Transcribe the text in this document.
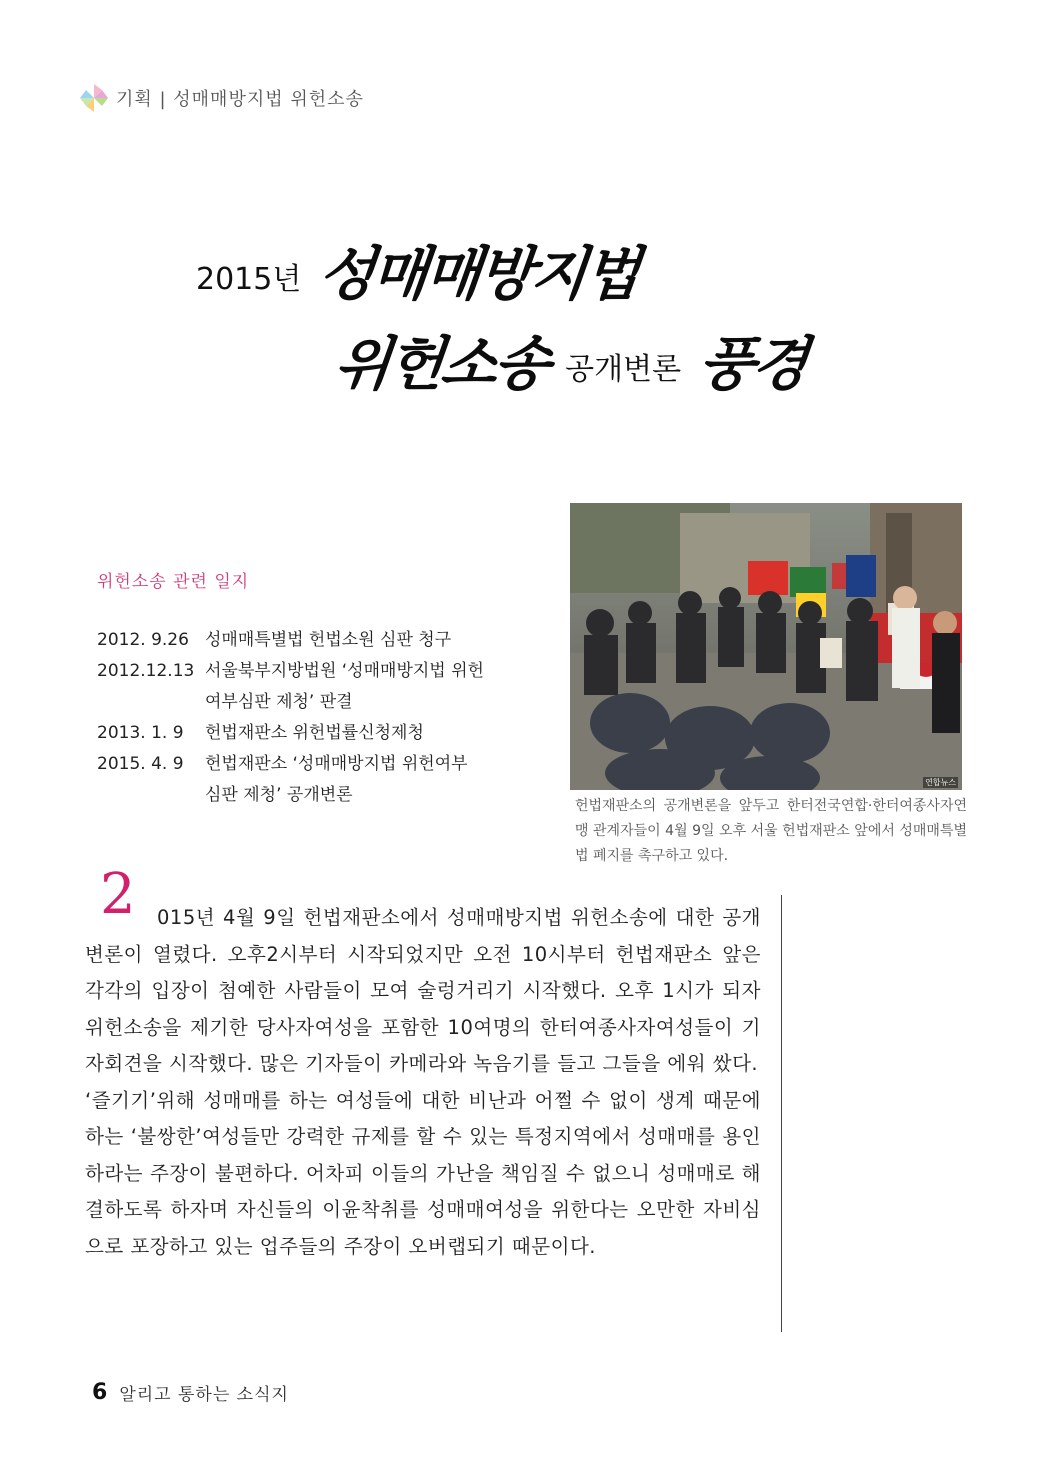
기획 | 성매매방지법 위헌소송
2015년 성매매방지법
위헌소송 공개변론 풍경
위헌소송 관련 일지
2012. 9.26 성매매특별법 헌법소원 심판 청구
2012.12.13 서울북부지방법원 ‘성매매방지법 위헌
여부심판 제청’ 판결
2013. 1. 9	헌법재판소 위헌법률신청제청
2015. 4. 9	헌법재판소 ‘성매매방지법 위헌여부
심판 제청’ 공개변론
연합뉴스
헌법재판소의 공개변론을 앞두고 한터전국연합·한터여종사자연맹 관계자들이 4월 9일 오후 서울 헌법재판소 앞에서 성매매특별법 폐지를 촉구하고 있다.
2	015년 4월 9일 헌법재판소에서 성매매방지법 위헌소송에 대한 공개변론이 열렸다. 오후2시부터 시작되었지만 오전 10시부터 헌법재판소 앞은 각각의 입장이 첨예한 사람들이 모여 술렁거리기 시작했다. 오후 1시가 되자 위헌소송을 제기한 당사자여성을 포함한 10여명의 한터여종사자여성들이 기자회견을 시작했다. 많은 기자들이 카메라와 녹음기를 들고 그들을 에워 쌌다.

‘즐기기’위해 성매매를 하는 여성들에 대한 비난과 어쩔 수 없이 생계 때문에 하는 ‘불쌍한’여성들만 강력한 규제를 할 수 있는 특정지역에서 성매매를 용인하라는 주장이 불편하다. 어차피 이들의 가난을 책임질 수 없으니 성매매로 해결하도록 하자며 자신들의 이윤착취를 성매매여성을 위한다는 오만한 자비심으로 포장하고 있는 업주들의 주장이 오버랩되기 때문이다.

6 알리고 통하는 소식지
